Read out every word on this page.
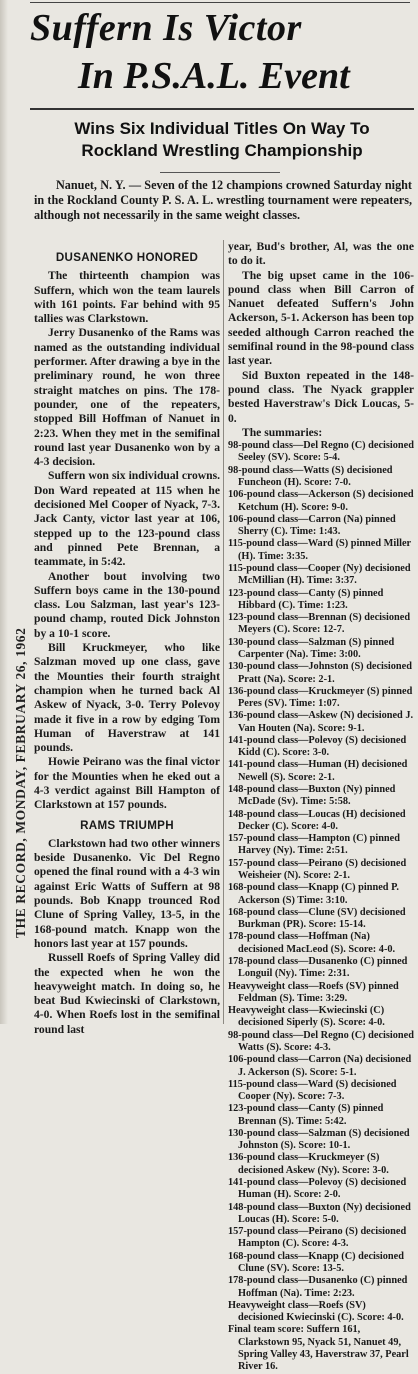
THE RECORD, MONDAY, FEBRUARY 26, 1962
Suffern Is Victor
In P.S.A.L. Event
Wins Six Individual Titles On Way To
Rockland Wrestling Championship

Nanuet, N. Y. — Seven of the 12 champions crowned Saturday night in the Rockland County P. S. A. L. wrestling tournament were repeaters, although not necessarily in the same weight classes.

DUSANENKO HONORED

The thirteenth champion was Suffern, which won the team laurels with 161 points. Far behind with 95 tallies was Clarkstown.

Jerry Dusanenko of the Rams was named as the outstanding individual performer. After drawing a bye in the preliminary round, he won three straight matches on pins. The 178-pounder, one of the repeaters, stopped Bill Hoffman of Nanuet in 2:23. When they met in the semifinal round last year Dusanenko won by a 4-3 decision.

Suffern won six individual crowns. Don Ward repeated at 115 when he decisioned Mel Cooper of Nyack, 7-3. Jack Canty, victor last year at 106, stepped up to the 123-pound class and pinned Pete Brennan, a teammate, in 5:42.

Another bout involving two Suffern boys came in the 130-pound class. Lou Salzman, last year's 123-pound champ, routed Dick Johnston by a 10-1 score.

Bill Kruckmeyer, who like Salzman moved up one class, gave the Mounties their fourth straight champion when he turned back Al Askew of Nyack, 3-0. Terry Polevoy made it five in a row by edging Tom Human of Haverstraw at 141 pounds.

Howie Peirano was the final victor for the Mounties when he eked out a 4-3 verdict against Bill Hampton of Clarkstown at 157 pounds.

RAMS TRIUMPH

Clarkstown had two other winners beside Dusanenko. Vic Del Regno opened the final round with a 4-3 win against Eric Watts of Suffern at 98 pounds. Bob Knapp trounced Rod Clune of Spring Valley, 13-5, in the 168-pound match. Knapp won the honors last year at 157 pounds.

Russell Roefs of Spring Valley did the expected when he won the heavyweight match. In doing so, he beat Bud Kwiecinski of Clarkstown, 4-0. When Roefs lost in the semifinal round last

year, Bud's brother, Al, was the one to do it.

The big upset came in the 106-pound class when Bill Carron of Nanuet defeated Suffern's John Ackerson, 5-1. Ackerson has been top seeded although Carron reached the semifinal round in the 98-pound class last year.

Sid Buxton repeated in the 148-pound class. The Nyack grappler bested Haverstraw's Dick Loucas, 5-0.

The summaries:

98-pound class—Del Regno (C) decisioned Seeley (SV). Score: 5-4.

98-pound class—Watts (S) decisioned Funcheon (H). Score: 7-0.

106-pound class—Ackerson (S) decisioned Ketchum (H). Score: 9-0.

106-pound class—Carron (Na) pinned Sherry (C). Time: 1:43.

115-pound class—Ward (S) pinned Miller (H). Time: 3:35.

115-pound class—Cooper (Ny) decisioned McMillian (H). Time: 3:37.

123-pound class—Canty (S) pinned Hibbard (C). Time: 1:23.

123-pound class—Brennan (S) decisioned Meyers (C). Score: 12-7.

130-pound class—Salzman (S) pinned Carpenter (Na). Time: 3:00.

130-pound class—Johnston (S) decisioned Pratt (Na). Score: 2-1.

136-pound class—Kruckmeyer (S) pinned Peres (SV). Time: 1:07.

136-pound class—Askew (N) decisioned J. Van Houten (Na). Score: 9-1.

141-pound class—Polevoy (S) decisioned Kidd (C). Score: 3-0.

141-pound class—Human (H) decisioned Newell (S). Score: 2-1.

148-pound class—Buxton (Ny) pinned McDade (Sv). Time: 5:58.

148-pound class—Loucas (H) decisioned Decker (C). Score: 4-0.

157-pound class—Hampton (C) pinned Harvey (Ny). Time: 2:51.

157-pound class—Peirano (S) decisioned Weisheier (N). Score: 2-1.

168-pound class—Knapp (C) pinned P. Ackerson (S) Time: 3:10.

168-pound class—Clune (SV) decisioned Burkman (PR). Score: 15-14.

178-pound class—Hoffman (Na) decisioned MacLeod (S). Score: 4-0.

178-pound class—Dusanenko (C) pinned Longuil (Ny). Time: 2:31.

Heavyweight class—Roefs (SV) pinned Feldman (S). Time: 3:29.

Heavyweight class—Kwiecinski (C) decisioned Siperly (S). Score: 4-0.

98-pound class—Del Regno (C) decisioned Watts (S). Score: 4-3.

106-pound class—Carron (Na) decisioned J. Ackerson (S). Score: 5-1.

115-pound class—Ward (S) decisioned Cooper (Ny). Score: 7-3.

123-pound class—Canty (S) pinned Brennan (S). Time: 5:42.

130-pound class—Salzman (S) decisioned Johnston (S). Score: 10-1.

136-pound class—Kruckmeyer (S) decisioned Askew (Ny). Score: 3-0.

141-pound class—Polevoy (S) decisioned Human (H). Score: 2-0.

148-pound class—Buxton (Ny) decisioned Loucas (H). Score: 5-0.

157-pound class—Peirano (S) decisioned Hampton (C). Score: 4-3.

168-pound class—Knapp (C) decisioned Clune (SV). Score: 13-5.

178-pound class—Dusanenko (C) pinned Hoffman (Na). Time: 2:23.

Heavyweight class—Roefs (SV) decisioned Kwiecinski (C). Score: 4-0.

Final team score: Suffern 161, Clarkstown 95, Nyack 51, Nanuet 49, Spring Valley 43, Haverstraw 37, Pearl River 16.
